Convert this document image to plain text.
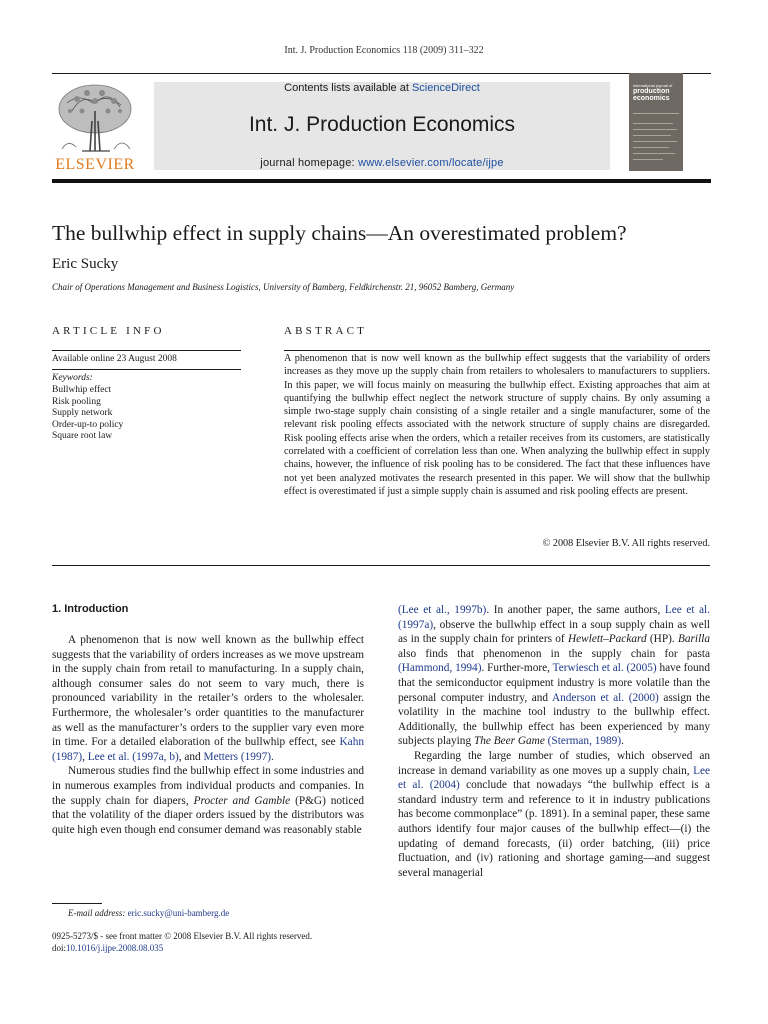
Int. J. Production Economics 118 (2009) 311–322
ELSEVIER
Contents lists available at ScienceDirect
Int. J. Production Economics
journal homepage: www.elsevier.com/locate/ijpe
international journal of
production
economics
The bullwhip effect in supply chains—An overestimated problem?
Eric Sucky
Chair of Operations Management and Business Logistics, University of Bamberg, Feldkirchenstr. 21, 96052 Bamberg, Germany
ARTICLE INFO
Available online 23 August 2008
Keywords:
Bullwhip effect
Risk pooling
Supply network
Order-up-to policy
Square root law
ABSTRACT

A phenomenon that is now well known as the bullwhip effect suggests that the variability of orders increases as they move up the supply chain from retailers to wholesalers to manufacturers to suppliers. In this paper, we will focus mainly on measuring the bullwhip effect. Existing approaches that aim at quantifying the bullwhip effect neglect the network structure of supply chains. By only assuming a simple two-stage supply chain consisting of a single retailer and a single manufacturer, some of the relevant risk pooling effects associated with the network structure of supply chains are disregarded. Risk pooling effects arise when the orders, which a retailer receives from its customers, are statistically correlated with a coefficient of correlation less than one. When analyzing the bullwhip effect in supply chains, however, the influence of risk pooling has to be considered. The fact that these influences have not yet been analyzed motivates the research presented in this paper. We will show that the bullwhip effect is overestimated if just a simple supply chain is assumed and risk pooling effects are present.

© 2008 Elsevier B.V. All rights reserved.
1. Introduction

A phenomenon that is now well known as the bullwhip effect suggests that the variability of orders increases as we move upstream in the supply chain from retail to manufacturing. In a supply chain, although consumer sales do not seem to vary much, there is pronounced variability in the retailer’s orders to the wholesaler. Furthermore, the wholesaler’s order quantities to the manufacturer as well as the manufacturer’s orders to the supplier vary even more in time. For a detailed elaboration of the bullwhip effect, see Kahn (1987), Lee et al. (1997a, b), and Metters (1997).

Numerous studies find the bullwhip effect in some industries and in numerous examples from individual products and companies. In the supply chain for diapers, Procter and Gamble (P&G) noticed that the volatility of the diaper orders issued by the distributors was quite high even though end consumer demand was reasonably stable

(Lee et al., 1997b). In another paper, the same authors, Lee et al. (1997a), observe the bullwhip effect in a soup supply chain as well as in the supply chain for printers of Hewlett–Packard (HP). Barilla also finds that phenomenon in the supply chain for pasta (Hammond, 1994). Further-more, Terwiesch et al. (2005) have found that the semiconductor equipment industry is more volatile than the personal computer industry, and Anderson et al. (2000) assign the volatility in the machine tool industry to the bullwhip effect. Additionally, the bullwhip effect has been experienced by many subjects playing The Beer Game (Sterman, 1989).

Regarding the large number of studies, which observed an increase in demand variability as one moves up a supply chain, Lee et al. (2004) conclude that nowadays “the bullwhip effect is a standard industry term and reference to it in industry publications has become commonplace” (p. 1891). In a seminal paper, these same authors identify four major causes of the bullwhip effect—(i) the updating of demand forecasts, (ii) order batching, (iii) price fluctuation, and (iv) rationing and shortage gaming—and suggest several managerial

E-mail address: eric.sucky@uni-bamberg.de
0925-5273/$ - see front matter © 2008 Elsevier B.V. All rights reserved.
doi:10.1016/j.ijpe.2008.08.035
